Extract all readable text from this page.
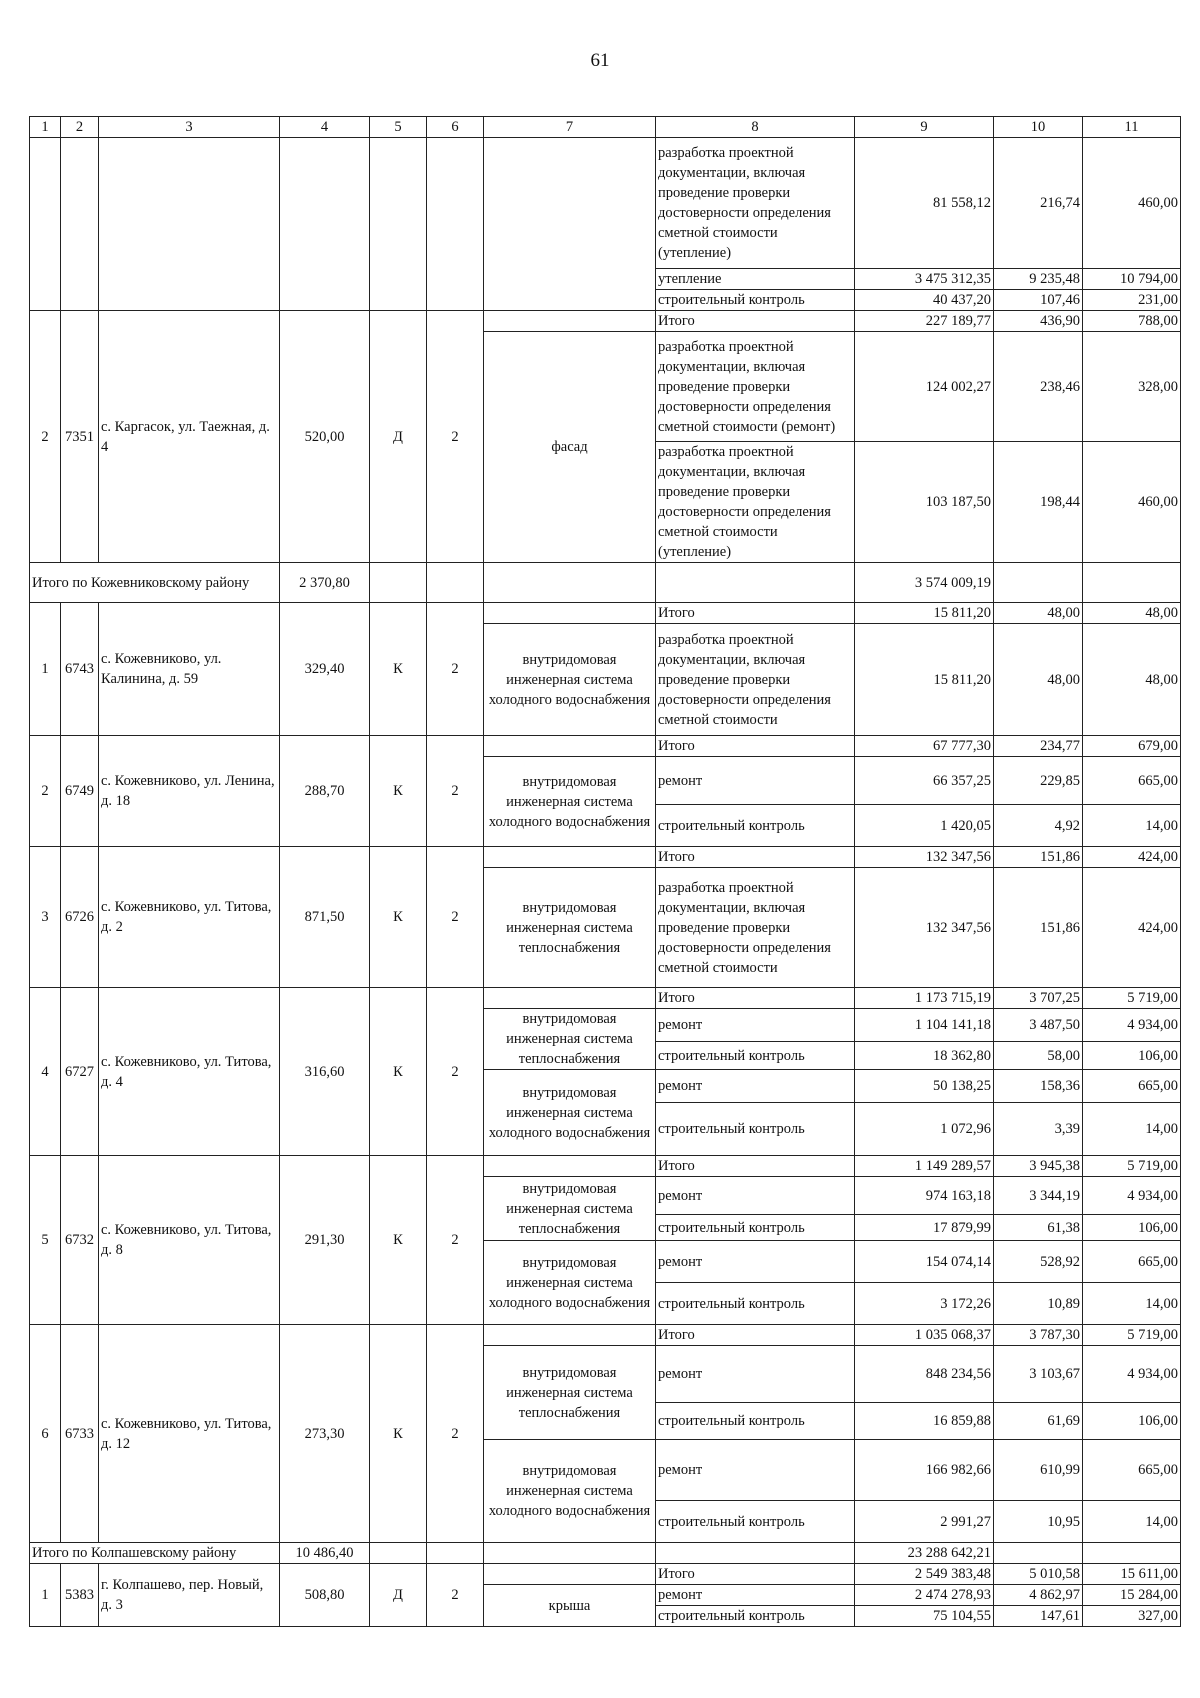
61
1	2	3	4	5	6	7	8	9	10	11
							разработка проектной документации, включая проведение проверки достоверности определения сметной стоимости (утепление)	81 558,12	216,74	460,00
							утепление	3 475 312,35	9 235,48	10 794,00
							строительный контроль	40 437,20	107,46	231,00
2	7351	с. Каргасок, ул. Таежная, д. 4	520,00	Д	2		Итого	227 189,77	436,90	788,00
						фасад	разработка проектной документации, включая проведение проверки достоверности определения сметной стоимости (ремонт)	124 002,27	238,46	328,00
							разработка проектной документации, включая проведение проверки достоверности определения сметной стоимости (утепление)	103 187,50	198,44	460,00
Итого по Кожевниковскому району			2 370,80					3 574 009,19		
1	6743	с. Кожевниково, ул. Калинина, д. 59	329,40	К	2		Итого	15 811,20	48,00	48,00
						внутридомовая инженерная система холодного водоснабжения	разработка проектной документации, включая проведение проверки достоверности определения сметной стоимости	15 811,20	48,00	48,00
2	6749	с. Кожевниково, ул. Ленина, д. 18	288,70	К	2		Итого	67 777,30	234,77	679,00
						внутридомовая инженерная система холодного водоснабжения	ремонт	66 357,25	229,85	665,00
							строительный контроль	1 420,05	4,92	14,00
3	6726	с. Кожевниково, ул. Титова, д. 2	871,50	К	2		Итого	132 347,56	151,86	424,00
						внутридомовая инженерная система теплоснабжения	разработка проектной документации, включая проведение проверки достоверности определения сметной стоимости	132 347,56	151,86	424,00
4	6727	с. Кожевниково, ул. Титова, д. 4	316,60	К	2		Итого	1 173 715,19	3 707,25	5 719,00
						внутридомовая инженерная система теплоснабжения	ремонт	1 104 141,18	3 487,50	4 934,00
							строительный контроль	18 362,80	58,00	106,00
						внутридомовая инженерная система холодного водоснабжения	ремонт	50 138,25	158,36	665,00
							строительный контроль	1 072,96	3,39	14,00
5	6732	с. Кожевниково, ул. Титова, д. 8	291,30	К	2		Итого	1 149 289,57	3 945,38	5 719,00
						внутридомовая инженерная система теплоснабжения	ремонт	974 163,18	3 344,19	4 934,00
							строительный контроль	17 879,99	61,38	106,00
						внутридомовая инженерная система холодного водоснабжения	ремонт	154 074,14	528,92	665,00
							строительный контроль	3 172,26	10,89	14,00
6	6733	с. Кожевниково, ул. Титова, д. 12	273,30	К	2		Итого	1 035 068,37	3 787,30	5 719,00
						внутридомовая инженерная система теплоснабжения	ремонт	848 234,56	3 103,67	4 934,00
							строительный контроль	16 859,88	61,69	106,00
						внутридомовая инженерная система холодного водоснабжения	ремонт	166 982,66	610,99	665,00
							строительный контроль	2 991,27	10,95	14,00
Итого по Колпашевскому району			10 486,40					23 288 642,21		
1	5383	г. Колпашево, пер. Новый, д. 3	508,80	Д	2		Итого	2 549 383,48	5 010,58	15 611,00
						крыша	ремонт	2 474 278,93	4 862,97	15 284,00
							строительный контроль	75 104,55	147,61	327,00
